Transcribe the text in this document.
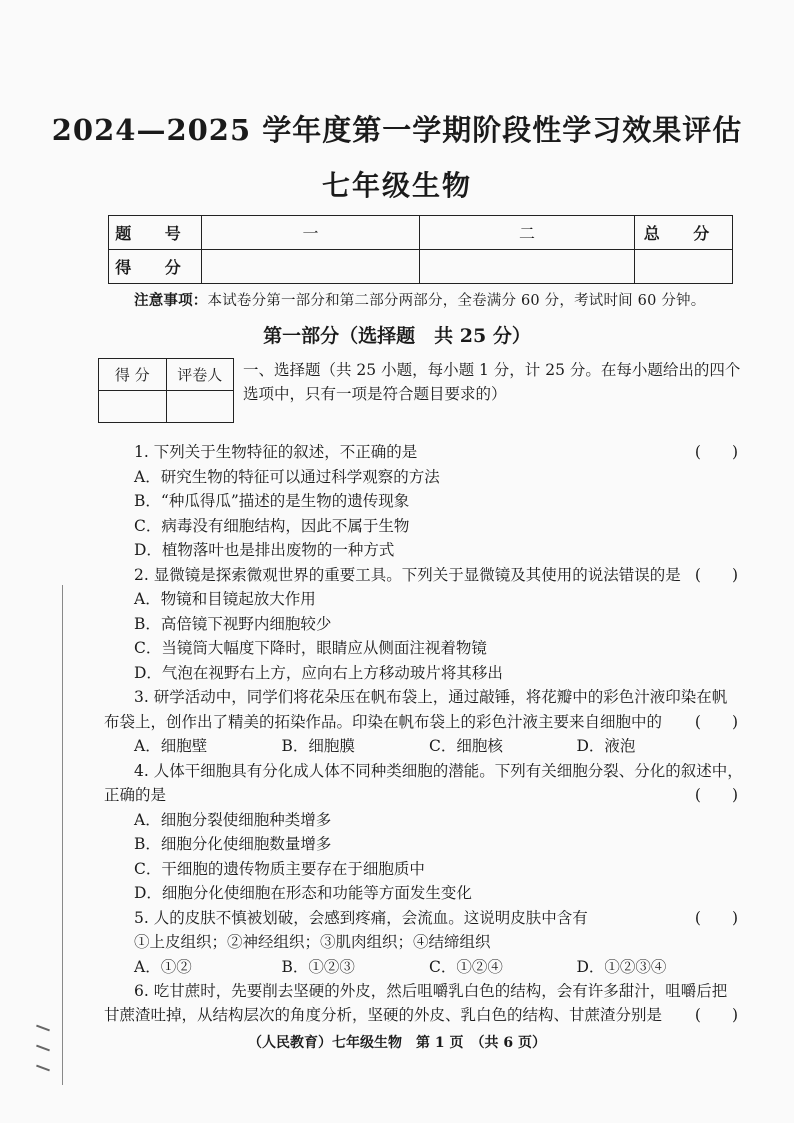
2024—2025 学年度第一学期阶段性学习效果评估
七年级生物
题 号	一	二	总 分
得 分			
注意事项：本试卷分第一部分和第二部分两部分，全卷满分 60 分，考试时间 60 分钟。
第一部分（选择题　共 25 分）
得 分	评卷人
	一、选择题（共 25 小题，每小题 1 分，计 25 分。在每小题给出的四个选项中，只有一项是符合题目要求的）
1. 下列关于生物特征的叙述，不正确的是	(　　)
A．研究生物的特征可以通过科学观察的方法
B．“种瓜得瓜”描述的是生物的遗传现象
C．病毒没有细胞结构，因此不属于生物
D．植物落叶也是排出废物的一种方式
2. 显微镜是探索微观世界的重要工具。下列关于显微镜及其使用的说法错误的是 (　　)
A．物镜和目镜起放大作用
B．高倍镜下视野内细胞较少
C．当镜筒大幅度下降时，眼睛应从侧面注视着物镜
D．气泡在视野右上方，应向右上方移动玻片将其移出
3. 研学活动中，同学们将花朵压在帆布袋上，通过敲锤，将花瓣中的彩色汁液印染在帆
布袋上，创作出了精美的拓染作品。印染在帆布袋上的彩色汁液主要来自细胞中的 (　　)
A．细胞壁	B．细胞膜	C．细胞核	D．液泡
4. 人体干细胞具有分化成人体不同种类细胞的潜能。下列有关细胞分裂、分化的叙述中，
正确的是	(　　)
A．细胞分裂使细胞种类增多
B．细胞分化使细胞数量增多
C．干细胞的遗传物质主要存在于细胞质中
D．细胞分化使细胞在形态和功能等方面发生变化
5. 人的皮肤不慎被划破，会感到疼痛，会流血。这说明皮肤中含有	(　　)
①上皮组织；②神经组织；③肌肉组织；④结缔组织
A．①②	B．①②③	C．①②④	D．①②③④
6. 吃甘蔗时，先要削去坚硬的外皮，然后咀嚼乳白色的结构，会有许多甜汁，咀嚼后把
甘蔗渣吐掉，从结构层次的角度分析，坚硬的外皮、乳白色的结构、甘蔗渣分别是 (　　)
（人民教育）七年级生物　第 1 页　（共 6 页）
